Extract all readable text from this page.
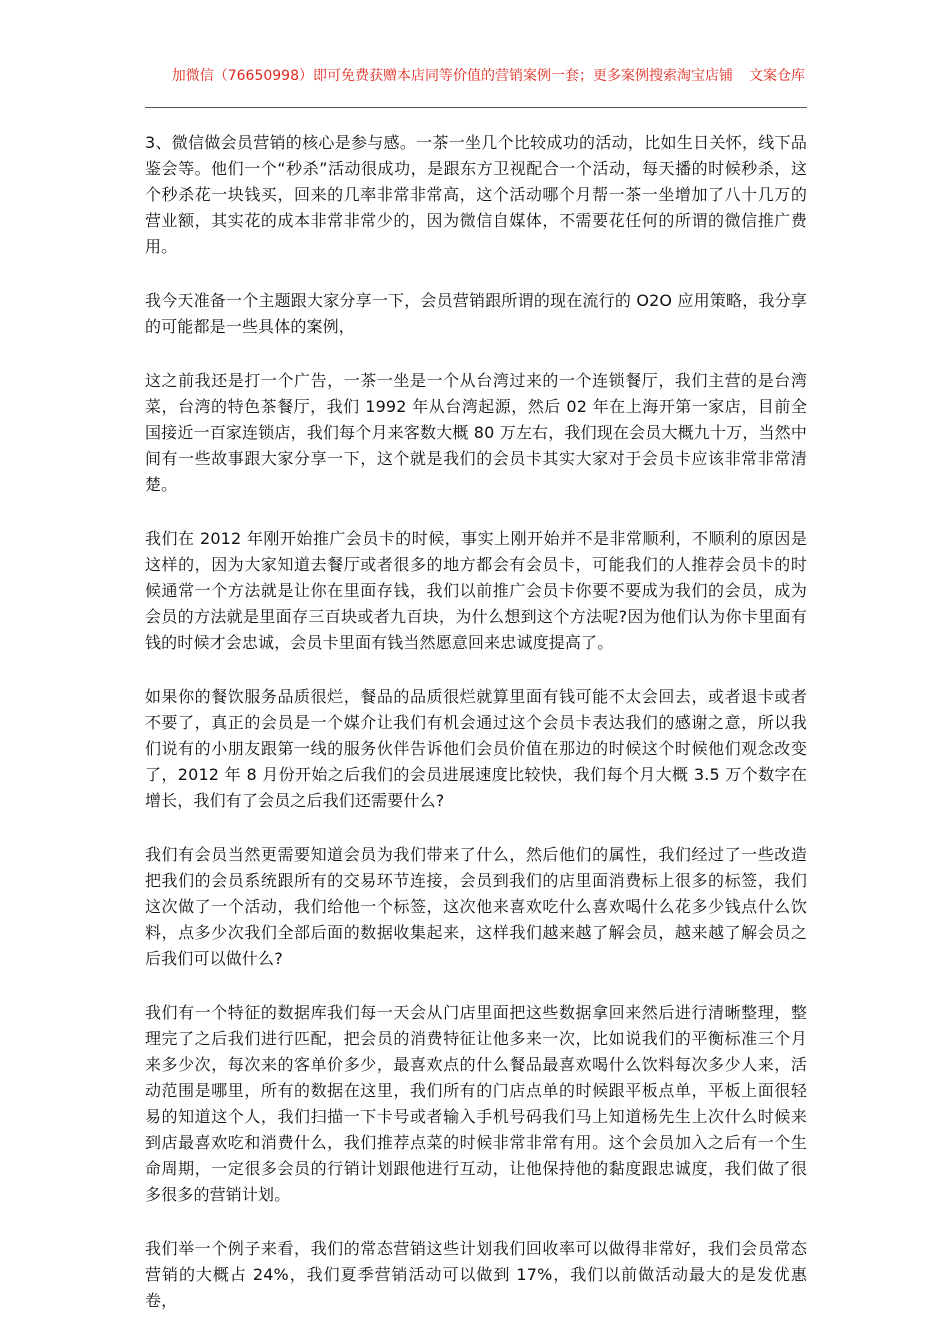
加微信（76650998）即可免费获赠本店同等价值的营销案例一套；更多案例搜索淘宝店铺 文案仓库

3、微信做会员营销的核心是参与感。一茶一坐几个比较成功的活动，比如生日关怀，线下品鉴会等。他们一个“秒杀”活动很成功，是跟东方卫视配合一个活动，每天播的时候秒杀，这个秒杀花一块钱买，回来的几率非常非常高，这个活动哪个月帮一茶一坐增加了八十几万的营业额，其实花的成本非常非常少的，因为微信自媒体，不需要花任何的所谓的微信推广费用。

我今天准备一个主题跟大家分享一下，会员营销跟所谓的现在流行的 O2O 应用策略，我分享的可能都是一些具体的案例，

这之前我还是打一个广告，一茶一坐是一个从台湾过来的一个连锁餐厅，我们主营的是台湾菜，台湾的特色茶餐厅，我们 1992 年从台湾起源，然后 02 年在上海开第一家店，目前全国接近一百家连锁店，我们每个月来客数大概 80 万左右，我们现在会员大概九十万，当然中间有一些故事跟大家分享一下，这个就是我们的会员卡其实大家对于会员卡应该非常非常清楚。

我们在 2012 年刚开始推广会员卡的时候，事实上刚开始并不是非常顺利，不顺利的原因是这样的，因为大家知道去餐厅或者很多的地方都会有会员卡，可能我们的人推荐会员卡的时候通常一个方法就是让你在里面存钱，我们以前推广会员卡你要不要成为我们的会员，成为会员的方法就是里面存三百块或者九百块，为什么想到这个方法呢?因为他们认为你卡里面有钱的时候才会忠诚，会员卡里面有钱当然愿意回来忠诚度提高了。

如果你的餐饮服务品质很烂，餐品的品质很烂就算里面有钱可能不太会回去，或者退卡或者不要了，真正的会员是一个媒介让我们有机会通过这个会员卡表达我们的感谢之意，所以我们说有的小朋友跟第一线的服务伙伴告诉他们会员价值在那边的时候这个时候他们观念改变了，2012 年 8 月份开始之后我们的会员进展速度比较快，我们每个月大概 3.5 万个数字在增长，我们有了会员之后我们还需要什么?

我们有会员当然更需要知道会员为我们带来了什么，然后他们的属性，我们经过了一些改造把我们的会员系统跟所有的交易环节连接，会员到我们的店里面消费标上很多的标签，我们这次做了一个活动，我们给他一个标签，这次他来喜欢吃什么喜欢喝什么花多少钱点什么饮料，点多少次我们全部后面的数据收集起来，这样我们越来越了解会员，越来越了解会员之后我们可以做什么?

我们有一个特征的数据库我们每一天会从门店里面把这些数据拿回来然后进行清晰整理，整理完了之后我们进行匹配，把会员的消费特征让他多来一次，比如说我们的平衡标准三个月来多少次，每次来的客单价多少，最喜欢点的什么餐品最喜欢喝什么饮料每次多少人来，活动范围是哪里，所有的数据在这里，我们所有的门店点单的时候跟平板点单，平板上面很轻易的知道这个人，我们扫描一下卡号或者输入手机号码我们马上知道杨先生上次什么时候来到店最喜欢吃和消费什么，我们推荐点菜的时候非常非常有用。这个会员加入之后有一个生命周期，一定很多会员的行销计划跟他进行互动，让他保持他的黏度跟忠诚度，我们做了很多很多的营销计划。

我们举一个例子来看，我们的常态营销这些计划我们回收率可以做得非常好，我们会员常态营销的大概占 24%，我们夏季营销活动可以做到 17%，我们以前做活动最大的是发优惠卷，
